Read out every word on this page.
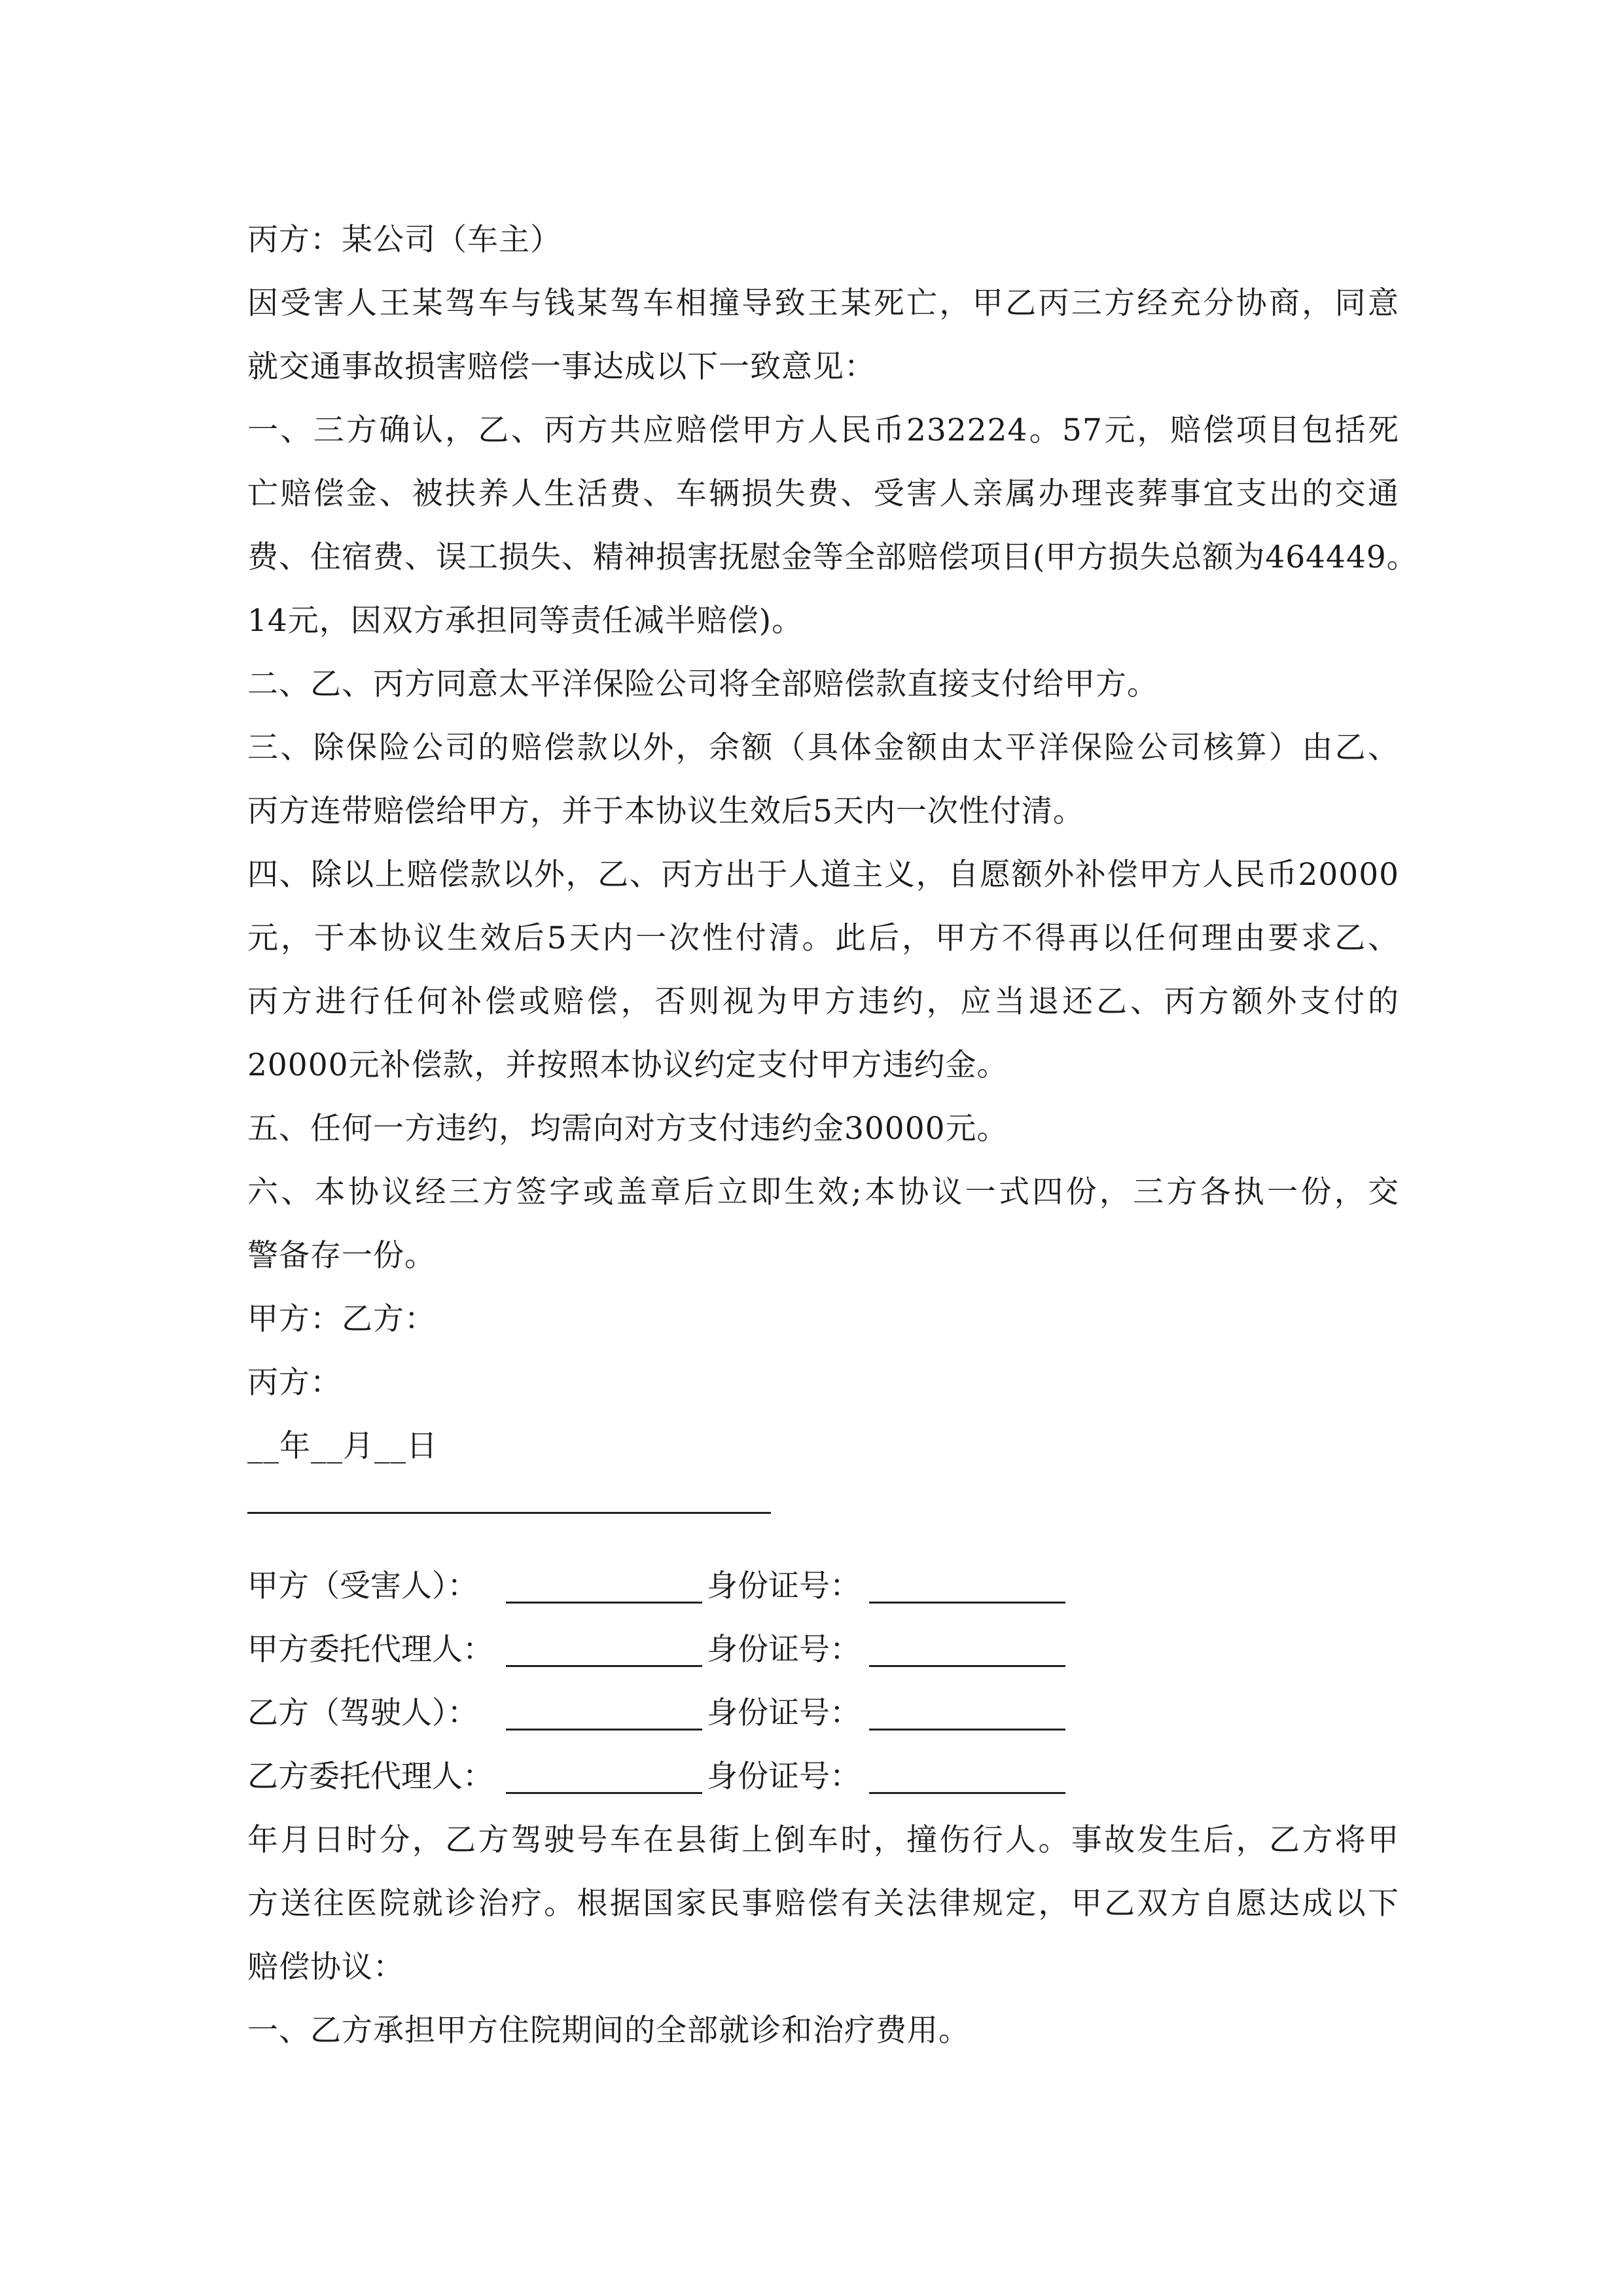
丙方：某公司（车主）
因受害人王某驾车与钱某驾车相撞导致王某死亡，甲乙丙三方经充分协商，同意
就交通事故损害赔偿一事达成以下一致意见：
一、三方确认，乙、丙方共应赔偿甲方人民币232224。57元，赔偿项目包括死
亡赔偿金、被扶养人生活费、车辆损失费、受害人亲属办理丧葬事宜支出的交通
费、住宿费、误工损失、精神损害抚慰金等全部赔偿项目(甲方损失总额为464449。
14元，因双方承担同等责任减半赔偿)。
二、乙、丙方同意太平洋保险公司将全部赔偿款直接支付给甲方。
三、除保险公司的赔偿款以外，余额（具体金额由太平洋保险公司核算）由乙、
丙方连带赔偿给甲方，并于本协议生效后5天内一次性付清。
四、除以上赔偿款以外，乙、丙方出于人道主义，自愿额外补偿甲方人民币20000
元，于本协议生效后5天内一次性付清。此后，甲方不得再以任何理由要求乙、
丙方进行任何补偿或赔偿，否则视为甲方违约，应当退还乙、丙方额外支付的
20000元补偿款，并按照本协议约定支付甲方违约金。
五、任何一方违约，均需向对方支付违约金30000元。
六、本协议经三方签字或盖章后立即生效;本协议一式四份，三方各执一份，交
警备存一份。
甲方：乙方：
丙方：
__年__月__日
甲方（受害人）：	身份证号：
甲方委托代理人：	身份证号：
乙方（驾驶人）：	身份证号：
乙方委托代理人：	身份证号：
年月日时分，乙方驾驶号车在县街上倒车时，撞伤行人。事故发生后，乙方将甲
方送往医院就诊治疗。根据国家民事赔偿有关法律规定，甲乙双方自愿达成以下
赔偿协议：
一、乙方承担甲方住院期间的全部就诊和治疗费用。
